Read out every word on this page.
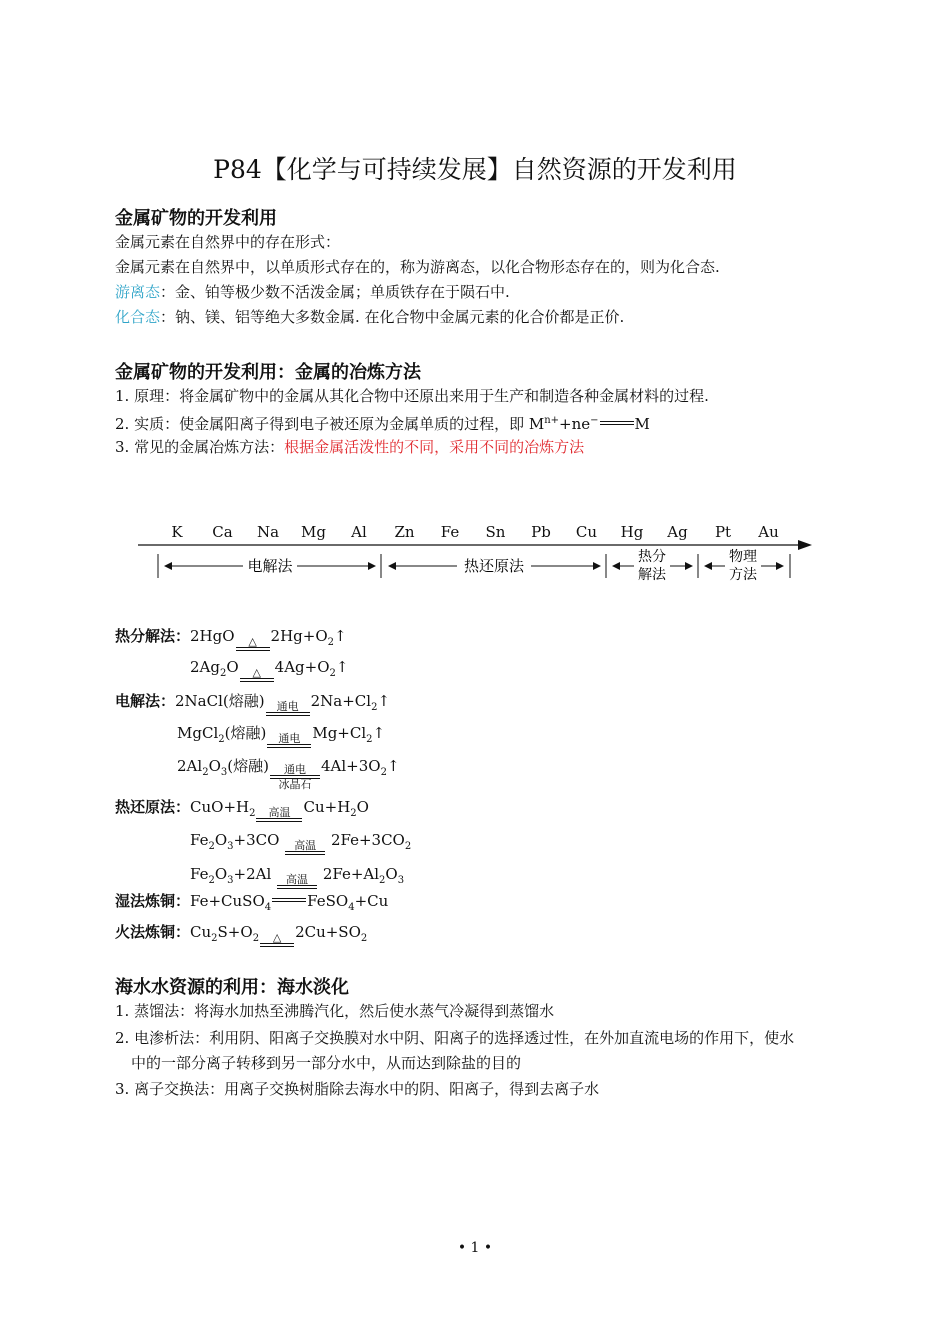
P84【化学与可持续发展】自然资源的开发利用
金属矿物的开发利用
金属元素在自然界中的存在形式：
金属元素在自然界中，以单质形式存在的，称为游离态，以化合物形态存在的，则为化合态.
游离态：金、铂等极少数不活泼金属；单质铁存在于陨石中.
化合态：钠、镁、铝等绝大多数金属. 在化合物中金属元素的化合价都是正价.
金属矿物的开发利用：金属的冶炼方法
1. 原理：将金属矿物中的金属从其化合物中还原出来用于生产和制造各种金属材料的过程.
2. 实质：使金属阳离子得到电子被还原为金属单质的过程，即 $M^{n+}+ne^-$ M
3. 常见的金属冶炼方法：根据金属活泼性的不同，采用不同的冶炼方法
K Ca Na Mg Al Zn Fe Sn Pb Cu Hg Ag Pt Au
电解法	热还原法	热分
解法
物理
方法
热分解法：2HgO △ $2Hg+O_2↑$
$2Ag_2O$ △ $4Ag+O_2↑$
电解法：2NaCl(熔融) 通电 $2Na+Cl_2↑$
MgCl$_2$(熔融) 通电 $Mg+Cl_2↑$
$2Al_2O_3$(熔融) 通电
冰晶石
$4Al+3O_2↑$
热还原法：$CuO+H_2$ 高温 $Cu+H_2O$
$Fe_2O_3+3CO$ 高温 $2Fe+3CO_2$
$Fe_2O_3+2Al$ 高温 $2Fe+Al_2O_3$
湿法炼铜：Fe+CuSO$_4$ FeSO$_4$+Cu
火法炼铜：$Cu_2S+O_2$ △ $2Cu+SO_2$
海水水资源的利用：海水淡化
1. 蒸馏法：将海水加热至沸腾汽化，然后使水蒸气冷凝得到蒸馏水
2. 电渗析法：利用阴、阳离子交换膜对水中阴、阳离子的选择透过性，在外加直流电场的作用下，使水
中的一部分离子转移到另一部分水中，从而达到除盐的目的
3. 离子交换法：用离子交换树脂除去海水中的阴、阳离子，得到去离子水
• 1 •
